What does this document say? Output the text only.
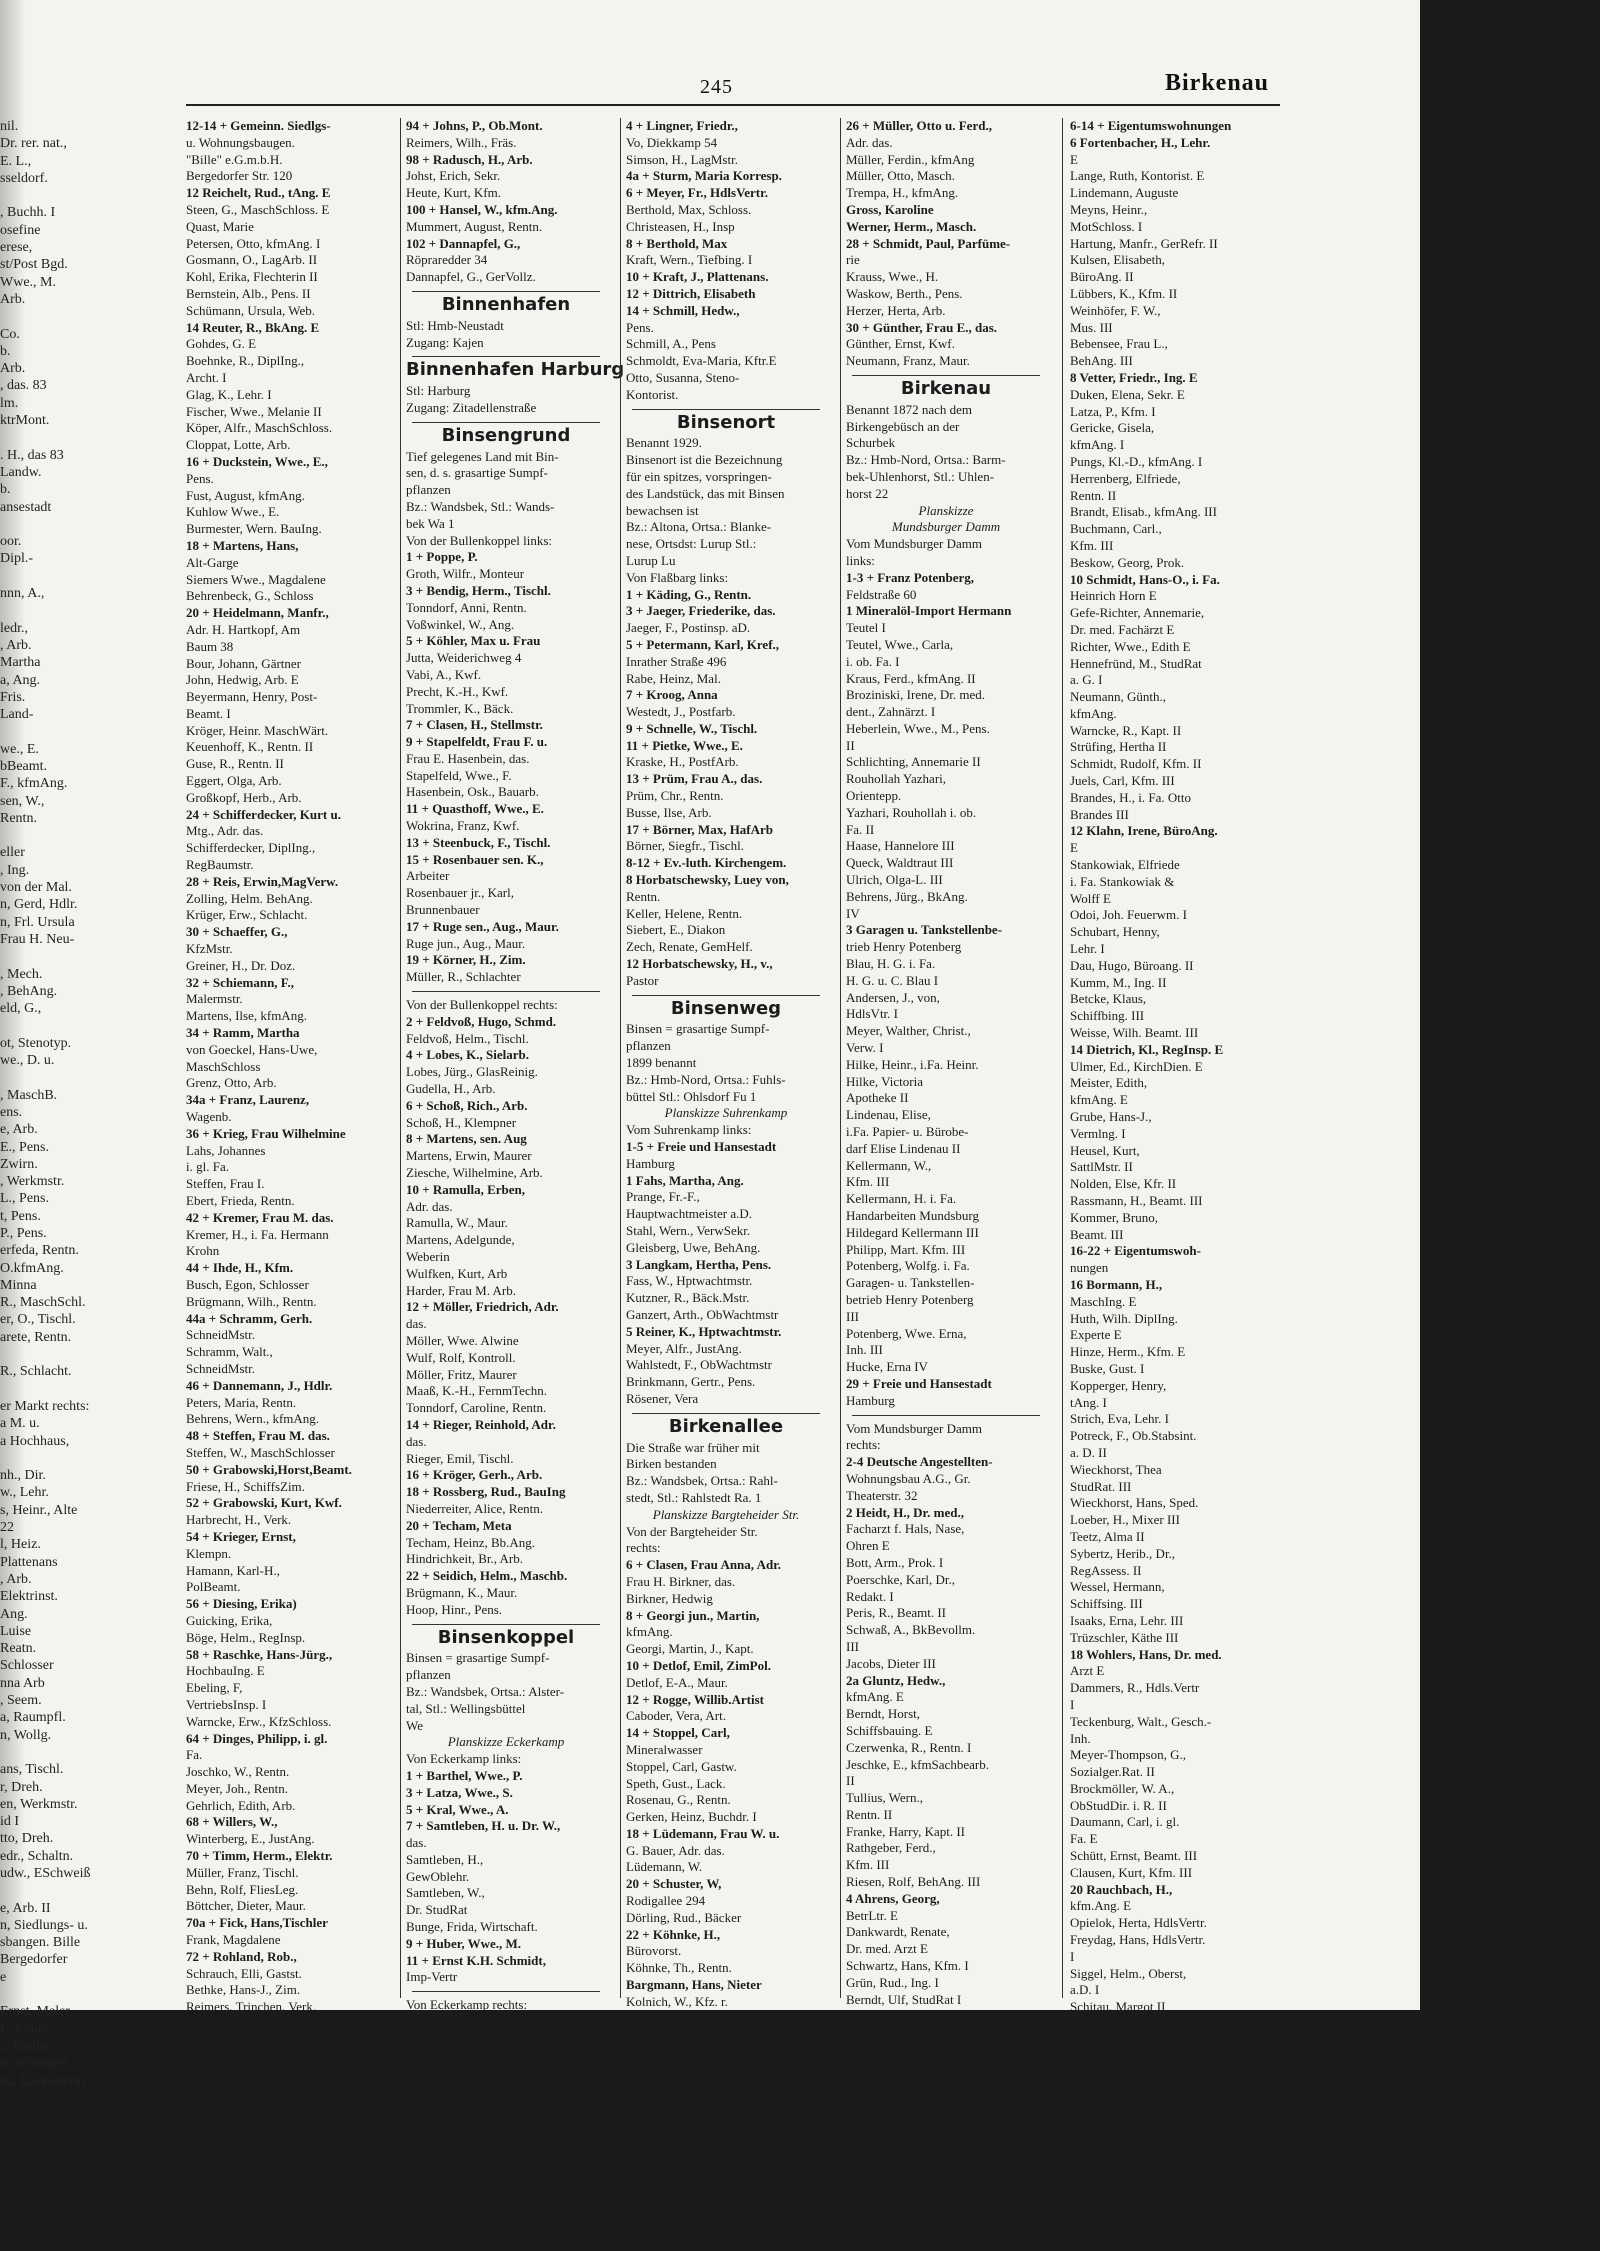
nil.
Dr. rer. nat.,
E. L.,
sseldorf.

, Buchh. I
osefine
erese,
st/Post Bgd.
Wwe., M.
Arb.

Co.
b.
Arb.
, das. 83
lm.
ktrMont.

. H., das 83
Landw.
b.
ansestadt

oor.
Dipl.-

nnn, A.,

ledr.,
, Arb.
Martha
a, Ang.
Fris.
Land-

we., E.
bBeamt.
F., kfmAng.
sen, W.,
Rentn.

eller
, Ing.
von der Mal.
n, Gerd, Hdlr.
n, Frl. Ursula
Frau H. Neu-

, Mech.
, BehAng.
eld, G.,

ot, Stenotyp.
we., D. u.

, MaschB.
ens.
e, Arb.
E., Pens.
Zwirn.
, Werkmstr.
L., Pens.
t, Pens.
P., Pens.
erfeda, Rentn.
O.kfmAng.
Minna
R., MaschSchl.
er, O., Tischl.
arete, Rentn.

R., Schlacht.

er Markt rechts:
a M. u.
a Hochhaus,

nh., Dir.
w., Lehr.
s, Heinr., Alte
22
l, Heiz.
Plattenans
, Arb.
Elektrinst.
Ang.
Luise
Reatn.
Schlosser
nna Arb
, Seem.
a, Raumpfl.
n, Wollg.

ans, Tischl.
r, Dreh.
en, Werkmstr.
id I
tto, Dreh.
edr., Schaltn.
udw., ESchweiß

e, Arb. II
n, Siedlungs- u.
sbangen. Bille
Bergedorfer
e

Ernst, Maler
I., Rentn.
s, Emilie
n, Schlosser
ha, Lackiererin
245	Birkenau
12-14 + Gemeinn. Siedlgs-
u. Wohnungsbaugen.
"Bille" e.G.m.b.H.
Bergedorfer Str. 120
12 Reichelt, Rud., tAng. E
Steen, G., MaschSchloss. E
Quast, Marie
Petersen, Otto, kfmAng. I
Gosmann, O., LagArb. II
Kohl, Erika, Flechterin II
Bernstein, Alb., Pens. II
Schümann, Ursula, Web.
14 Reuter, R., BkAng. E
Gohdes, G. E
Boehnke, R., DiplIng.,
Archt. I
Glag, K., Lehr. I
Fischer, Wwe., Melanie II
Köper, Alfr., MaschSchloss.
Cloppat, Lotte, Arb.
16 + Duckstein, Wwe., E.,
Pens.
Fust, August, kfmAng.
Kuhlow Wwe., E.
Burmester, Wern. BauIng.
18 + Martens, Hans,
Alt-Garge
Siemers Wwe., Magdalene
Behrenbeck, G., Schloss
20 + Heidelmann, Manfr.,
Adr. H. Hartkopf, Am
Baum 38
Bour, Johann, Gärtner
John, Hedwig, Arb. E
Beyermann, Henry, Post-
Beamt. I
Kröger, Heinr. MaschWärt.
Keuenhoff, K., Rentn. II
Guse, R., Rentn. II
Eggert, Olga, Arb.
Großkopf, Herb., Arb.
24 + Schifferdecker, Kurt u.
Mtg., Adr. das.
Schifferdecker, DiplIng.,
RegBaumstr.
28 + Reis, Erwin,MagVerw.
Zolling, Helm. BehAng.
Krüger, Erw., Schlacht.
30 + Schaeffer, G.,
KfzMstr.
Greiner, H., Dr. Doz.
32 + Schiemann, F.,
Malermstr.
Martens, Ilse, kfmAng.
34 + Ramm, Martha
von Goeckel, Hans-Uwe,
MaschSchloss
Grenz, Otto, Arb.
34a + Franz, Laurenz,
Wagenb.
36 + Krieg, Frau Wilhelmine
Lahs, Johannes
i. gl. Fa.
Steffen, Frau I.
Ebert, Frieda, Rentn.
42 + Kremer, Frau M. das.
Kremer, H., i. Fa. Hermann
Krohn
44 + Ihde, H., Kfm.
Busch, Egon, Schlosser
Brügmann, Wilh., Rentn.
44a + Schramm, Gerh.
SchneidMstr.
Schramm, Walt.,
SchneidMstr.
46 + Dannemann, J., Hdlr.
Peters, Maria, Rentn.
Behrens, Wern., kfmAng.
48 + Steffen, Frau M. das.
Steffen, W., MaschSchlosser
50 + Grabowski,Horst,Beamt.
Friese, H., SchiffsZim.
52 + Grabowski, Kurt, Kwf.
Harbrecht, H., Verk.
54 + Krieger, Ernst,
Klempn.
Hamann, Karl-H.,
PolBeamt.
56 + Diesing, Erika)
Guicking, Erika,
Böge, Helm., RegInsp.
58 + Raschke, Hans-Jürg.,
HochbauIng. E
Ebeling, F,
VertriebsInsp. I
Warncke, Erw., KfzSchloss.
64 + Dinges, Philipp, i. gl.
Fa.
Joschko, W., Rentn.
Meyer, Joh., Rentn.
Gehrlich, Edith, Arb.
68 + Willers, W.,
Winterberg, E., JustAng.
70 + Timm, Herm., Elektr.
Müller, Franz, Tischl.
Behn, Rolf, FliesLeg.
Böttcher, Dieter, Maur.
70a + Fick, Hans,Tischler
Frank, Magdalene
72 + Rohland, Rob.,
Schrauch, Elli, Gastst.
Bethke, Hans-J., Zim.
Reimers, Trinchen, Verk.
80 - Ohl, Erben das.
Ohl, H.-H., Bauer,
Ohl, Erna, Schneid.
84 + Bavaria- u. St. Pauli-
Brauerei, Hopfenstr. 15
Pollak, Alb., KnpfSchmd.
Wolter, Luise, Stütze
88 + Freie und Hansestadt
Hamburg
90 + Harders, A.,
Stormarnhöhe 31
Eckerlin, Elfriede
Brzeski, W., Platzmstr.
Barta, Gunnar, Mech.
94 + Johns, P., Ob.Mont.
Reimers, Wilh., Fräs.
98 + Radusch, H., Arb.
Johst, Erich, Sekr.
Heute, Kurt, Kfm.
100 + Hansel, W., kfm.Ang.
Mummert, August, Rentn.
102 + Dannapfel, G.,
Röpraredder 34
Dannapfel, G., GerVollz.
Binnenhafen
Stl: Hmb-Neustadt
Zugang: Kajen
Binnenhafen Harburg
Stl: Harburg
Zugang: Zitadellenstraße
Binsengrund
Tief gelegenes Land mit Bin-
sen, d. s. grasartige Sumpf-
pflanzen
Bz.: Wandsbek, Stl.: Wands-
bek Wa 1
Von der Bullenkoppel links:
1 + Poppe, P.
Groth, Wilfr., Monteur
3 + Bendig, Herm., Tischl.
Tonndorf, Anni, Rentn.
Voßwinkel, W., Ang.
5 + Köhler, Max u. Frau
Jutta, Weiderichweg 4
Vabi, A., Kwf.
Precht, K.-H., Kwf.
Trommler, K., Bäck.
7 + Clasen, H., Stellmstr.
9 + Stapelfeldt, Frau F. u.
Frau E. Hasenbein, das.
Stapelfeld, Wwe., F.
Hasenbein, Osk., Bauarb.
11 + Quasthoff, Wwe., E.
Wokrina, Franz, Kwf.
13 + Steenbuck, F., Tischl.
15 + Rosenbauer sen. K.,
Arbeiter
Rosenbauer jr., Karl,
Brunnenbauer
17 + Ruge sen., Aug., Maur.
Ruge jun., Aug., Maur.
19 + Körner, H., Zim.
Müller, R., Schlachter
Von der Bullenkoppel rechts:
2 + Feldvoß, Hugo, Schmd.
Feldvoß, Helm., Tischl.
4 + Lobes, K., Sielarb.
Lobes, Jürg., GlasReinig.
Gudella, H., Arb.
6 + Schoß, Rich., Arb.
Schoß, H., Klempner
8 + Martens, sen. Aug
Martens, Erwin, Maurer
Ziesche, Wilhelmine, Arb.
10 + Ramulla, Erben,
Adr. das.
Ramulla, W., Maur.
Martens, Adelgunde,
Weberin
Wulfken, Kurt, Arb
Harder, Frau M. Arb.
12 + Möller, Friedrich, Adr.
das.
Möller, Wwe. Alwine
Wulf, Rolf, Kontroll.
Möller, Fritz, Maurer
Maaß, K.-H., FernmTechn.
Tonndorf, Caroline, Rentn.
14 + Rieger, Reinhold, Adr.
das.
Rieger, Emil, Tischl.
16 + Kröger, Gerh., Arb.
18 + Rossberg, Rud., BauIng
Niederreiter, Alice, Rentn.
20 + Techam, Meta
Techam, Heinz, Bb.Ang.
Hindrichkeit, Br., Arb.
22 + Seidich, Helm., Maschb.
Brügmann, K., Maur.
Hoop, Hinr., Pens.
Binsenkoppel
Binsen = grasartige Sumpf-
pflanzen
Bz.: Wandsbek, Ortsa.: Alster-
tal, Stl.: Wellingsbüttel
We
Planskizze Eckerkamp
Von Eckerkamp links:
1 + Barthel, Wwe., P.
3 + Latza, Wwe., S.
5 + Kral, Wwe., A.
7 + Samtleben, H. u. Dr. W.,
das.
Samtleben, H.,
GewOblehr.
Samtleben, W.,
Dr. StudRat
Bunge, Frida, Wirtschaft.
9 + Huber, Wwe., M.
11 + Ernst K.H. Schmidt,
Imp-Vertr
Von Eckerkamp rechts:
2 + Brandt, Herm.,
RbObInsp.
Brandt, Horst, Ing.
4 + Lingner, Friedr.,
Vo, Diekkamp 54
Simson, H., LagMstr.
4a + Sturm, Maria Korresp.
6 + Meyer, Fr., HdlsVertr.
Berthold, Max, Schloss.
Christeasen, H., Insp
8 + Berthold, Max
Kraft, Wern., Tiefbing. I
10 + Kraft, J., Plattenans.
12 + Dittrich, Elisabeth
14 + Schmill, Hedw.,
Pens.
Schmill, A., Pens
Schmoldt, Eva-Maria, Kftr.E
Otto, Susanna, Steno-
Kontorist.
Binsenort
Benannt 1929.
Binsenort ist die Bezeichnung
für ein spitzes, vorspringen-
des Landstück, das mit Binsen
bewachsen ist
Bz.: Altona, Ortsa.: Blanke-
nese, Ortsdst: Lurup Stl.:
Lurup Lu
Von Flaßbarg links:
1 + Käding, G., Rentn.
3 + Jaeger, Friederike, das.
Jaeger, F., Postinsp. aD.
5 + Petermann, Karl, Kref.,
Inrather Straße 496
Rabe, Heinz, Mal.
7 + Kroog, Anna
Westedt, J., Postfarb.
9 + Schnelle, W., Tischl.
11 + Pietke, Wwe., E.
Kraske, H., PostfArb.
13 + Prüm, Frau A., das.
Prüm, Chr., Rentn.
Busse, Ilse, Arb.
17 + Börner, Max, HafArb
Börner, Siegfr., Tischl.
8-12 + Ev.-luth. Kirchengem.
8 Horbatschewsky, Luey von,
Rentn.
Keller, Helene, Rentn.
Siebert, E., Diakon
Zech, Renate, GemHelf.
12 Horbatschewsky, H., v.,
Pastor
Binsenweg
Binsen = grasartige Sumpf-
pflanzen
1899 benannt
Bz.: Hmb-Nord, Ortsa.: Fuhls-
büttel Stl.: Ohlsdorf Fu 1
Planskizze Suhrenkamp
Vom Suhrenkamp links:
1-5 + Freie und Hansestadt
Hamburg
1 Fahs, Martha, Ang.
Prange, Fr.-F.,
Hauptwachtmeister a.D.
Stahl, Wern., VerwSekr.
Gleisberg, Uwe, BehAng.
3 Langkam, Hertha, Pens.
Fass, W., Hptwachtmstr.
Kutzner, R., Bäck.Mstr.
Ganzert, Arth., ObWachtmstr
5 Reiner, K., Hptwachtmstr.
Meyer, Alfr., JustAng.
Wahlstedt, F., ObWachtmstr
Brinkmann, Gertr., Pens.
Rösener, Vera
Birkenallee
Die Straße war früher mit
Birken bestanden
Bz.: Wandsbek, Ortsa.: Rahl-
stedt, Stl.: Rahlstedt Ra. 1
Planskizze Bargteheider Str.
Von der Bargteheider Str.
rechts:
6 + Clasen, Frau Anna, Adr.
Frau H. Birkner, das.
Birkner, Hedwig
8 + Georgi jun., Martin,
kfmAng.
Georgi, Martin, J., Kapt.
10 + Detlof, Emil, ZimPol.
Detlof, E-A., Maur.
12 + Rogge, Willib.Artist
Caboder, Vera, Art.
14 + Stoppel, Carl,
Mineralwasser
Stoppel, Carl, Gastw.
Speth, Gust., Lack.
Rosenau, G., Rentn.
Gerken, Heinz, Buchdr. I
18 + Lüdemann, Frau W. u.
G. Bauer, Adr. das.
Lüdemann, W.
20 + Schuster, W,
Rodigallee 294
Dörling, Rud., Bäcker
22 + Köhnke, H.,
Bürovorst.
Köhnke, Th., Rentn.
Bargmann, Hans, Nieter
Kolnich, W., Kfz. r.
24 + Schneider, Frau K., das.
Schneider, Ernst, Kwf.
26 + Müller, Otto u. Ferd.,
Adr. das.
Müller, Ferdin., kfmAng
Müller, Otto, Masch.
Trempa, H., kfmAng.
Gross, Karoline
Werner, Herm., Masch.
28 + Schmidt, Paul, Parfüme-
rie
Krauss, Wwe., H.
Waskow, Berth., Pens.
Herzer, Herta, Arb.
30 + Günther, Frau E., das.
Günther, Ernst, Kwf.
Neumann, Franz, Maur.
Birkenau
Benannt 1872 nach dem
Birkengebüsch an der
Schurbek
Bz.: Hmb-Nord, Ortsa.: Barm-
bek-Uhlenhorst, Stl.: Uhlen-
horst 22
Planskizze
Mundsburger Damm
Vom Mundsburger Damm
links:
1-3 + Franz Potenberg,
Feldstraße 60
1 Mineralöl-Import Hermann
Teutel I
Teutel, Wwe., Carla,
i. ob. Fa. I
Kraus, Ferd., kfmAng. II
Broziniski, Irene, Dr. med.
dent., Zahnärzt. I
Heberlein, Wwe., M., Pens.
II
Schlichting, Annemarie II
Rouhollah Yazhari,
Orientepp.
Yazhari, Rouhollah i. ob.
Fa. II
Haase, Hannelore III
Queck, Waldtraut III
Ulrich, Olga-L. III
Behrens, Jürg., BkAng.
IV
3 Garagen u. Tankstellenbe-
trieb Henry Potenberg
Blau, H. G. i. Fa.
H. G. u. C. Blau I
Andersen, J., von,
HdlsVtr. I
Meyer, Walther, Christ.,
Verw. I
Hilke, Heinr., i.Fa. Heinr.
Hilke, Victoria
Apotheke II
Lindenau, Elise,
i.Fa. Papier- u. Bürobe-
darf Elise Lindenau II
Kellermann, W.,
Kfm. III
Kellermann, H. i. Fa.
Handarbeiten Mundsburg
Hildegard Kellermann III
Philipp, Mart. Kfm. III
Potenberg, Wolfg. i. Fa.
Garagen- u. Tankstellen-
betrieb Henry Potenberg
III
Potenberg, Wwe. Erna,
Inh. III
Hucke, Erna IV
29 + Freie und Hansestadt
Hamburg
Vom Mundsburger Damm
rechts:
2-4 Deutsche Angestellten-
Wohnungsbau A.G., Gr.
Theaterstr. 32
2 Heidt, H., Dr. med.,
Facharzt f. Hals, Nase,
Ohren E
Bott, Arm., Prok. I
Poerschke, Karl, Dr.,
Redakt. I
Peris, R., Beamt. II
Schwaß, A., BkBevollm.
III
Jacobs, Dieter III
2a Gluntz, Hedw.,
kfmAng. E
Berndt, Horst,
Schiffsbauing. E
Czerwenka, R., Rentn. I
Jeschke, E., kfmSachbearb.
II
Tullius, Wern.,
Rentn. II
Franke, Harry, Kapt. II
Rathgeber, Ferd.,
Kfm. III
Riesen, Rolf, BehAng. III
4 Ahrens, Georg,
BetrLtr. E
Dankwardt, Renate,
Dr. med. Arzt E
Schwartz, Hans, Kfm. I
Grün, Rud., Ing. I
Berndt, Ulf, StudRat I
Neuner, Eug., Bankbevollm.
II
Offermann, Heinr.,
kfmAng. II
Klingelhöfer, Helm.,
GewerkschSekr. III
Hoffmann, Lydia, kfm.
Ang. III
6-14 + Eigentumswohnungen
6 Fortenbacher, H., Lehr.
E
Lange, Ruth, Kontorist. E
Lindemann, Auguste
Meyns, Heinr.,
MotSchloss. I
Hartung, Manfr., GerRefr. II
Kulsen, Elisabeth,
BüroAng. II
Lübbers, K., Kfm. II
Weinhöfer, F. W.,
Mus. III
Bebensee, Frau L.,
BehAng. III
8 Vetter, Friedr., Ing. E
Duken, Elena, Sekr. E
Latza, P., Kfm. I
Gericke, Gisela,
kfmAng. I
Pungs, Kl.-D., kfmAng. I
Herrenberg, Elfriede,
Rentn. II
Brandt, Elisab., kfmAng. III
Buchmann, Carl.,
Kfm. III
Beskow, Georg, Prok.
10 Schmidt, Hans-O., i. Fa.
Heinrich Horn E
Gefe-Richter, Annemarie,
Dr. med. Fachärzt E
Richter, Wwe., Edith E
Hennefründ, M., StudRat
a. G. I
Neumann, Günth.,
kfmAng.
Warncke, R., Kapt. II
Strüfing, Hertha II
Schmidt, Rudolf, Kfm. II
Juels, Carl, Kfm. III
Brandes, H., i. Fa. Otto
Brandes III
12 Klahn, Irene, BüroAng.
E
Stankowiak, Elfriede
i. Fa. Stankowiak &
Wolff E
Odoi, Joh. Feuerwm. I
Schubart, Henny,
Lehr. I
Dau, Hugo, Büroang. II
Kumm, M., Ing. II
Betcke, Klaus,
Schiffbing. III
Weisse, Wilh. Beamt. III
14 Dietrich, Kl., RegInsp. E
Ulmer, Ed., KirchDien. E
Meister, Edith,
kfmAng. E
Grube, Hans-J.,
Vermlng. I
Heusel, Kurt,
SattlMstr. II
Nolden, Else, Kfr. II
Rassmann, H., Beamt. III
Kommer, Bruno,
Beamt. III
16-22 + Eigentumswoh-
nungen
16 Bormann, H.,
MaschIng. E
Huth, Wilh. DiplIng.
Experte E
Hinze, Herm., Kfm. E
Buske, Gust. I
Kopperger, Henry,
tAng. I
Strich, Eva, Lehr. I
Potreck, F., Ob.Stabsint.
a. D. II
Wieckhorst, Thea
StudRat. III
Wieckhorst, Hans, Sped.
Loeber, H., Mixer III
Teetz, Alma II
Sybertz, Herib., Dr.,
RegAssess. II
Wessel, Hermann,
Schiffsing. III
Isaaks, Erna, Lehr. III
Trüzschler, Käthe III
18 Wohlers, Hans, Dr. med.
Arzt E
Dammers, R., Hdls.Vertr
I
Teckenburg, Walt., Gesch.-
Inh.
Meyer-Thompson, G.,
Sozialger.Rat. II
Brockmöller, W. A.,
ObStudDir. i. R. II
Daumann, Carl, i. gl.
Fa. E
Schütt, Ernst, Beamt. III
Clausen, Kurt, Kfm. III
20 Rauchbach, H.,
kfm.Ang. E
Opielok, Herta, HdlsVertr.
Freydag, Hans, HdlsVertr.
I
Siggel, Helm., Oberst,
a.D. I
Schitau, Margot II
Güssefeld, H., Techn. II
Güssefeld, Dagny, Lehr. II
Abels, Frau, Lisa,
Kinderpfleg. III
Knöpfle, B., Schneid. III
Stehr, Frau Paula
Rentn. III
